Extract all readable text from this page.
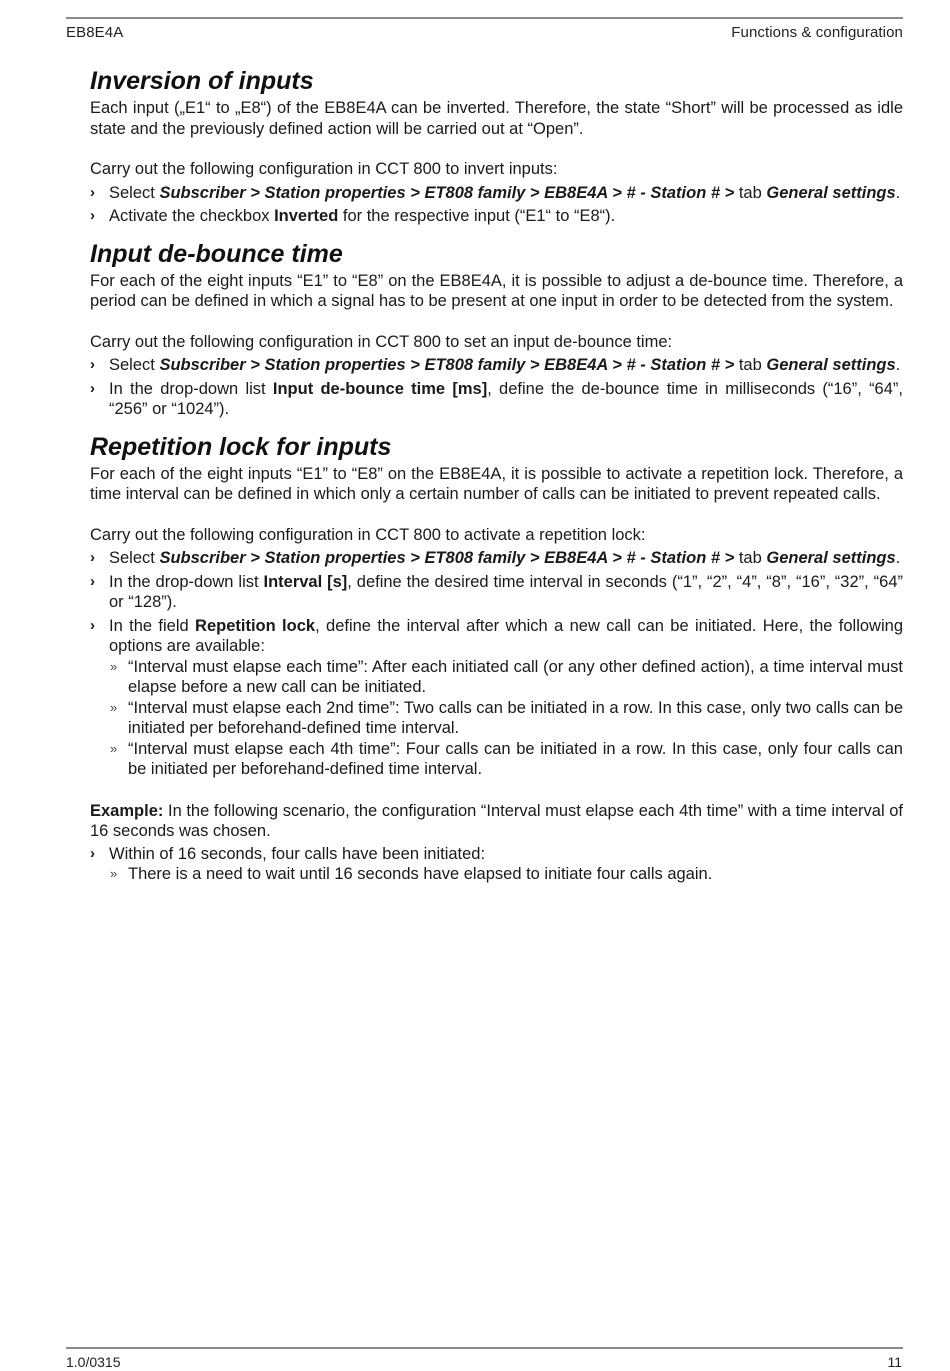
EB8E4A	Functions & configuration
Inversion of inputs

Each input („E1“ to „E8“) of the EB8E4A can be inverted. Therefore, the state “Short” will be processed as idle state and the previously defined action will be carried out at “Open”.

Carry out the following configuration in CCT 800 to invert inputs:

› Select Subscriber > Station properties > ET808 family > EB8E4A > # - Station # > tab General settings.
› Activate the checkbox Inverted for the respective input (“E1“ to “E8“).
Input de-bounce time

For each of the eight inputs “E1” to “E8” on the EB8E4A, it is possible to adjust a de-bounce time. Therefore, a period can be defined in which a signal has to be present at one input in order to be detected from the system.

Carry out the following configuration in CCT 800 to set an input de-bounce time:

› Select Subscriber > Station properties > ET808 family > EB8E4A > # - Station # > tab General settings.
› In the drop-down list Input de-bounce time [ms], define the de-bounce time in milliseconds (“16”, “64”, “256” or “1024”).
Repetition lock for inputs

For each of the eight inputs “E1” to “E8” on the EB8E4A, it is possible to activate a repetition lock. Therefore, a time interval can be defined in which only a certain number of calls can be initiated to prevent repeated calls.

Carry out the following configuration in CCT 800 to activate a repetition lock:

› Select Subscriber > Station properties > ET808 family > EB8E4A > # - Station # > tab General settings.
› In the drop-down list Interval [s], define the desired time interval in seconds (“1”, “2”, “4”, “8”, “16”, “32”, “64” or “128”).
› In the field Repetition lock, define the interval after which a new call can be initiated. Here, the following options are available:
» “Interval must elapse each time”: After each initiated call (or any other defined action), a time interval must elapse before a new call can be initiated.
» “Interval must elapse each 2nd time”: Two calls can be initiated in a row. In this case, only two calls can be initiated per beforehand-defined time interval.
» “Interval must elapse each 4th time”: Four calls can be initiated in a row. In this case, only four calls can be initiated per beforehand-defined time interval.

Example: In the following scenario, the configuration “Interval must elapse each 4th time” with a time interval of 16 seconds was chosen.

› Within of 16 seconds, four calls have been initiated:
» There is a need to wait until 16 seconds have elapsed to initiate four calls again.
1.0/0315	11
